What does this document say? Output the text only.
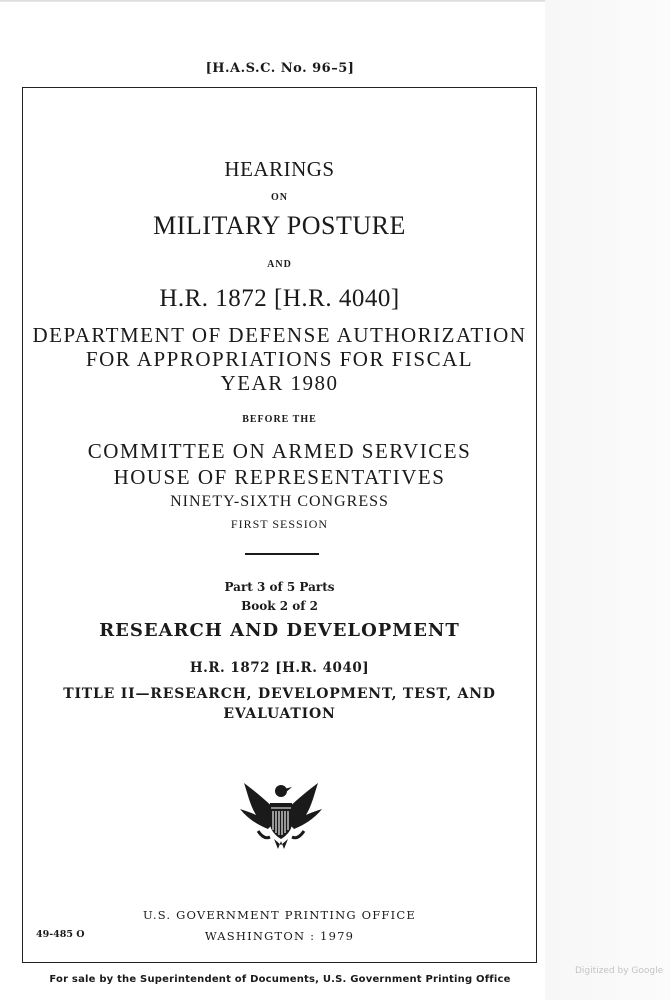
[H.A.S.C. No. 96–5]
HEARINGS
ON
MILITARY POSTURE
AND
H.R. 1872 [H.R. 4040]
DEPARTMENT OF DEFENSE AUTHORIZATION
FOR APPROPRIATIONS FOR FISCAL
YEAR 1980
BEFORE THE
COMMITTEE ON ARMED SERVICES
HOUSE OF REPRESENTATIVES
NINETY-SIXTH CONGRESS
FIRST SESSION
Part 3 of 5 Parts
Book 2 of 2
RESEARCH AND DEVELOPMENT
H.R. 1872 [H.R. 4040]
TITLE II—RESEARCH, DEVELOPMENT, TEST, AND
EVALUATION
U.S. GOVERNMENT PRINTING OFFICE
WASHINGTON : 1979
49-485 O
For sale by the Superintendent of Documents, U.S. Government Printing Office
Digitized by Google
